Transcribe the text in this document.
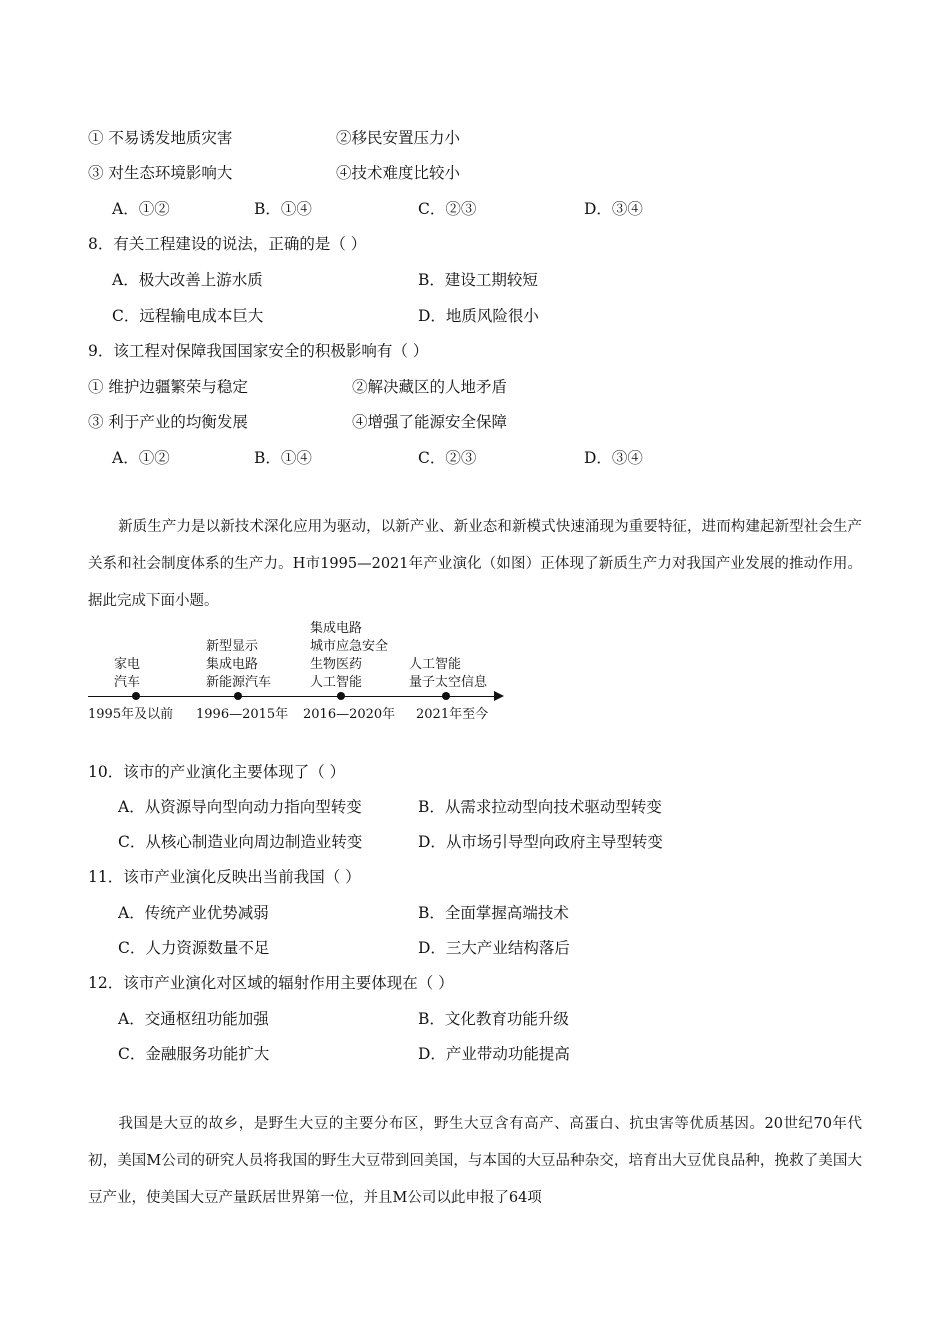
① 不易诱发地质灾害	②移民安置压力小
③ 对生态环境影响大	④技术难度比较小
A．①②	B．①④	C．②③	D．③④
8．有关工程建设的说法，正确的是（ ）
A．极大改善上游水质	B．建设工期较短
C．远程输电成本巨大	D．地质风险很小
9．该工程对保障我国国家安全的积极影响有（ ）
① 维护边疆繁荣与稳定	②解决藏区的人地矛盾
③ 利于产业的均衡发展	④增强了能源安全保障
A．①②	B．①④	C．②③	D．③④
新质生产力是以新技术深化应用为驱动，以新产业、新业态和新模式快速涌现为重要特征，进而构建起新型社会生产关系和社会制度体系的生产力。H市1995—2021年产业演化（如图）正体现了新质生产力对我国产业发展的推动作用。据此完成下面小题。
家电
汽车
新型显示
集成电路
新能源汽车
集成电路
城市应急安全
生物医药
人工智能
人工智能
量子太空信息
1995年及以前 1996—2015年 2016—2020年 2021年至今
10．该市的产业演化主要体现了（ ）
A．从资源导向型向动力指向型转变	B．从需求拉动型向技术驱动型转变
C．从核心制造业向周边制造业转变	D．从市场引导型向政府主导型转变
11．该市产业演化反映出当前我国（ ）
A．传统产业优势减弱	B．全面掌握高端技术
C．人力资源数量不足	D．三大产业结构落后
12．该市产业演化对区域的辐射作用主要体现在（ ）
A．交通枢纽功能加强	B．文化教育功能升级
C．金融服务功能扩大	D．产业带动功能提高
我国是大豆的故乡，是野生大豆的主要分布区，野生大豆含有高产、高蛋白、抗虫害等优质基因。20世纪70年代初，美国M公司的研究人员将我国的野生大豆带到回美国，与本国的大豆品种杂交，培育出大豆优良品种，挽救了美国大豆产业，使美国大豆产量跃居世界第一位，并且M公司以此申报了64项
